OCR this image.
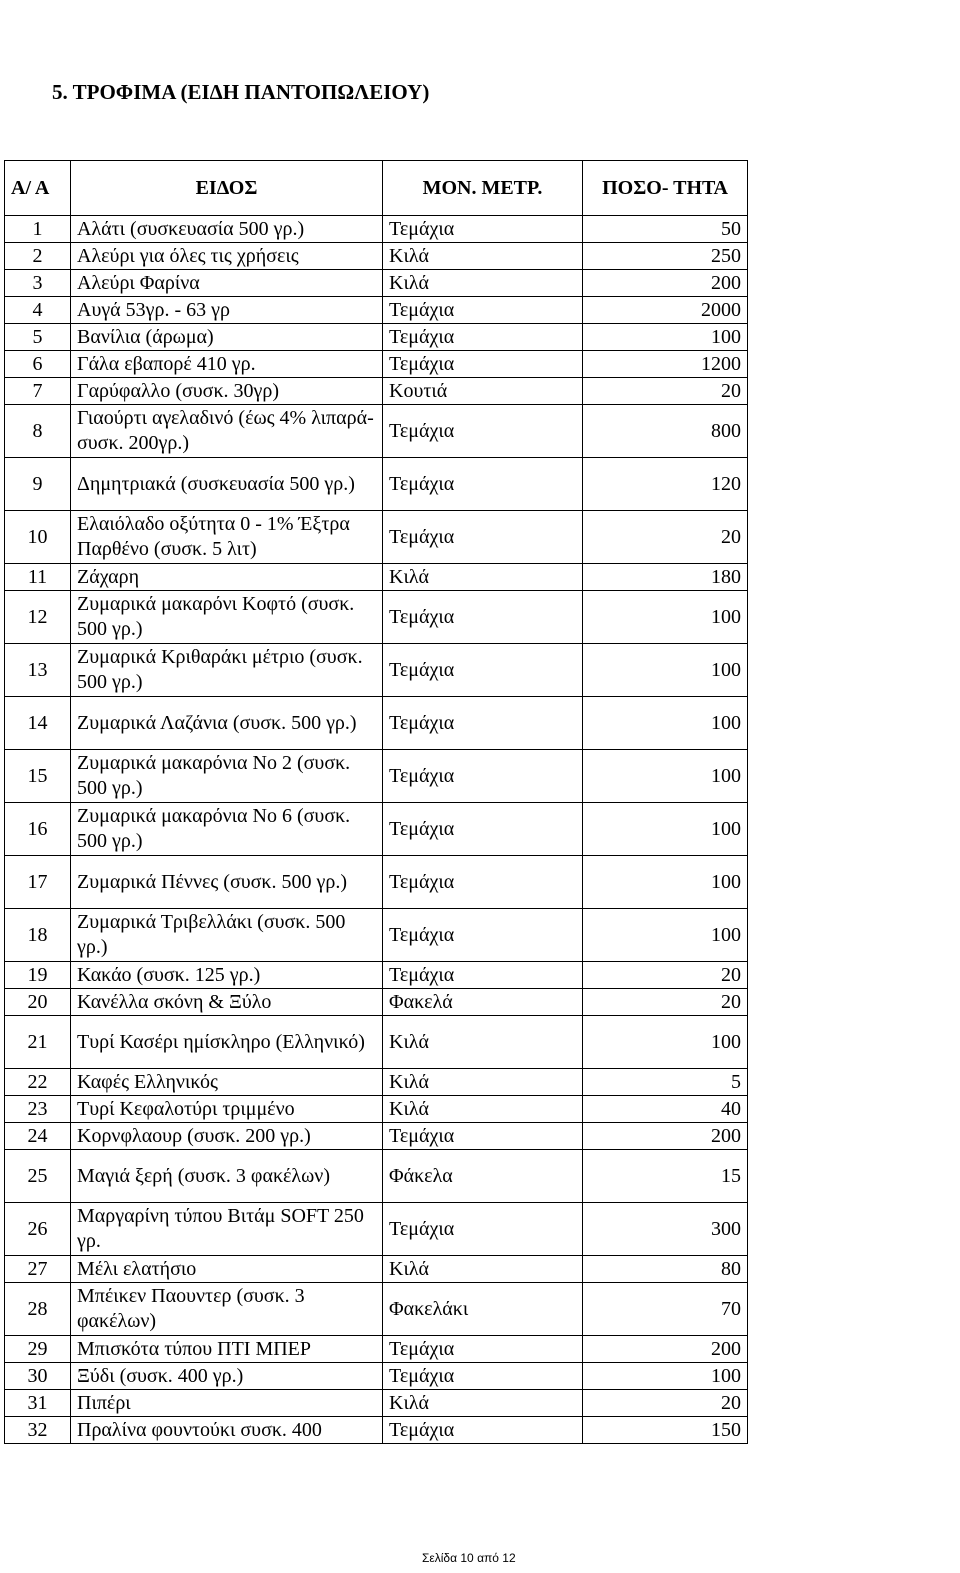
5. ΤΡΟΦΙΜΑ (ΕΙΔΗ ΠΑΝΤΟΠΩΛΕΙΟΥ)
Α/ Α	ΕΙΔΟΣ	ΜΟΝ. ΜΕΤΡ.	ΠΟΣΟ- ΤΗΤΑ
1	Αλάτι (συσκευασία 500 γρ.)	Τεμάχια	50
2	Αλεύρι για όλες τις χρήσεις	Κιλά	250
3	Αλεύρι Φαρίνα	Κιλά	200
4	Αυγά 53γρ. - 63 γρ	Τεμάχια	2000
5	Βανίλια (άρωμα)	Τεμάχια	100
6	Γάλα εβαπορέ 410 γρ.	Τεμάχια	1200
7	Γαρύφαλλο (συσκ. 30γρ)	Κουτιά	20
8	Γιαούρτι αγελαδινό (έως 4% λιπαρά- συσκ. 200γρ.)	Τεμάχια	800
9	Δημητριακά (συσκευασία 500 γρ.)	Τεμάχια	120
10	Ελαιόλαδο οξύτητα 0 - 1% Έξτρα Παρθένο (συσκ. 5 λιτ)	Τεμάχια	20
11	Ζάχαρη	Κιλά	180
12	Ζυμαρικά μακαρόνι Κοφτό (συσκ. 500 γρ.)	Τεμάχια	100
13	Ζυμαρικά Κριθαράκι μέτριο (συσκ. 500 γρ.)	Τεμάχια	100
14	Ζυμαρικά Λαζάνια (συσκ. 500 γρ.)	Τεμάχια	100
15	Ζυμαρικά μακαρόνια Νο 2 (συσκ. 500 γρ.)	Τεμάχια	100
16	Ζυμαρικά μακαρόνια Νο 6 (συσκ. 500 γρ.)	Τεμάχια	100
17	Ζυμαρικά Πέννες (συσκ. 500 γρ.)	Τεμάχια	100
18	Ζυμαρικά Τριβελλάκι (συσκ. 500 γρ.)	Τεμάχια	100
19	Κακάο (συσκ. 125 γρ.)	Τεμάχια	20
20	Κανέλλα σκόνη & Ξύλο	Φακελά	20
21	Τυρί Κασέρι ημίσκληρο (Ελληνικό)	Κιλά	100
22	Καφές Ελληνικός	Κιλά	5
23	Τυρί Κεφαλοτύρι τριμμένο	Κιλά	40
24	Κορνφλαουρ (συσκ. 200 γρ.)	Τεμάχια	200
25	Μαγιά ξερή (συσκ. 3 φακέλων)	Φάκελα	15
26	Μαργαρίνη τύπου Βιτάμ SOFT 250 γρ.	Τεμάχια	300
27	Μέλι ελατήσιο	Κιλά	80
28	Μπέικεν Παουντερ (συσκ. 3 φακέλων)	Φακελάκι	70
29	Μπισκότα τύπου ΠΤΙ ΜΠΕΡ	Τεμάχια	200
30	Ξύδι (συσκ. 400 γρ.)	Τεμάχια	100
31	Πιπέρι	Κιλά	20
32	Πραλίνα φουντούκι συσκ. 400	Τεμάχια	150
Σελίδα 10 από 12
